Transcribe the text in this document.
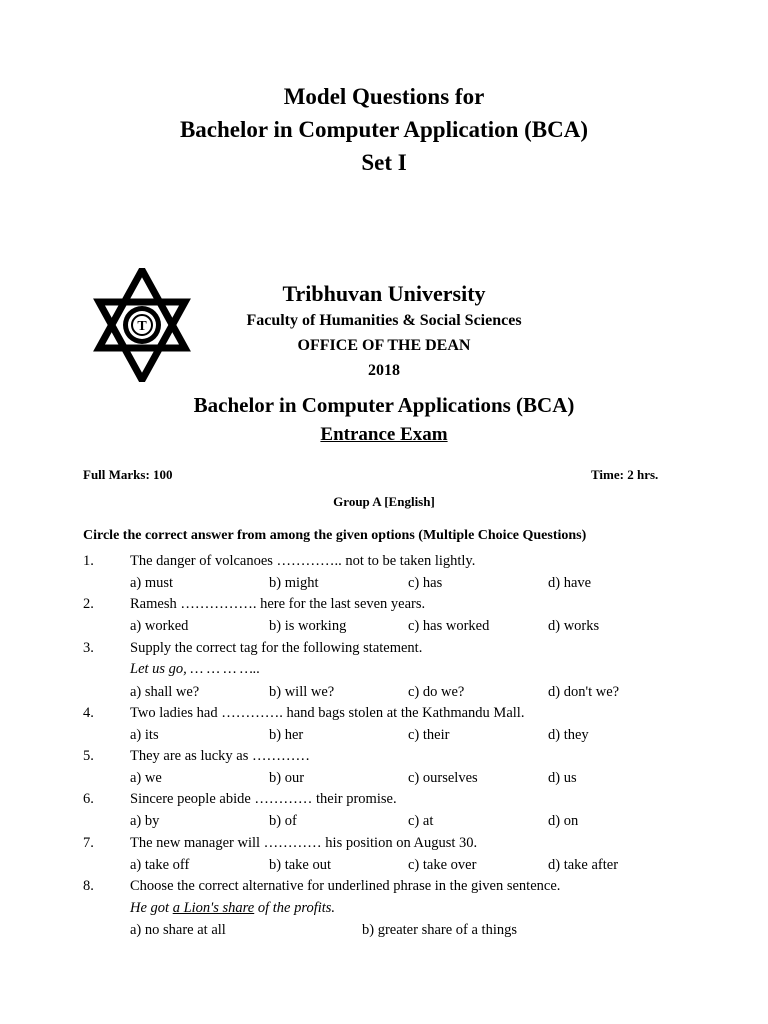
Model Questions for
Bachelor in Computer Application (BCA)
Set I
T
Tribhuvan University
Faculty of Humanities & Social Sciences
OFFICE OF THE DEAN
2018
Bachelor in Computer Applications (BCA)
Entrance Exam
Full Marks: 100	Time: 2 hrs.
Group A [English]
Circle the correct answer from among the given options (Multiple Choice Questions)
1. The danger of volcanoes ………….. not to be taken lightly.
a) must	b) might	c) has	d) have
2. Ramesh ……………. here for the last seven years.
a) worked	b) is working	c) has worked	d) works
3. Supply the correct tag for the following statement.
Let us go, … … … …..
a) shall we?	b) will we?	c) do we?	d) don't we?
4. Two ladies had …………. hand bags stolen at the Kathmandu Mall.
a) its	b) her	c) their	d) they
5. They are as lucky as …………
a) we	b) our	c) ourselves	d) us
6. Sincere people abide ………… their promise.
a) by	b) of	c) at	d) on
7. The new manager will ………… his position on August 30.
a) take off	b) take out	c) take over	d) take after
8. Choose the correct alternative for underlined phrase in the given sentence.
He got a Lion's share of the profits.
a) no share at all	b) greater share of a things
